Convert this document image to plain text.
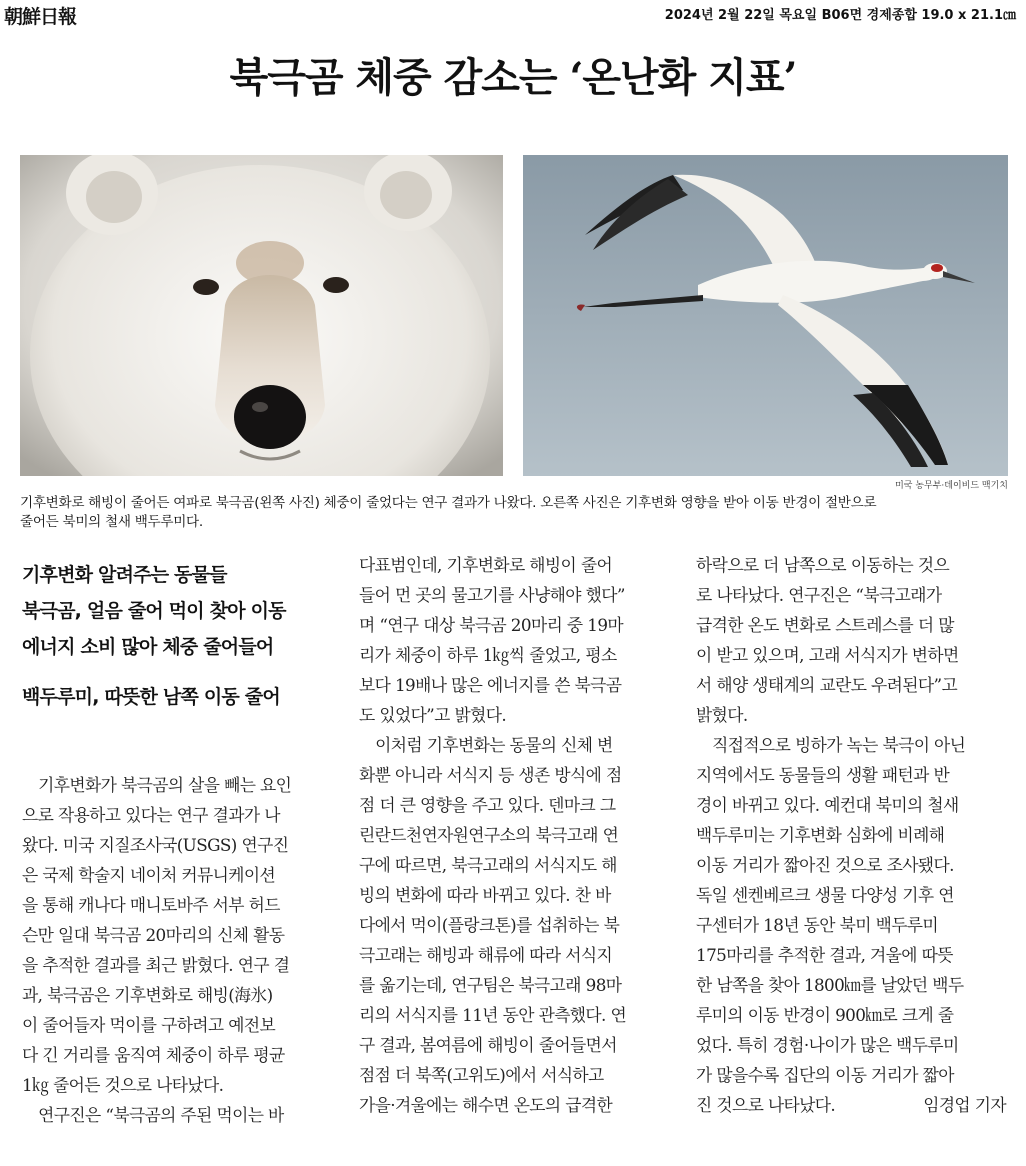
朝鮮日報	2024년 2월 22일 목요일 B06면 경제종합 19.0 x 21.1㎝
북극곰 체중 감소는 ‘온난화 지표’
미국 농무부·데이비드 맥기치
기후변화로 해빙이 줄어든 여파로 북극곰(왼쪽 사진) 체중이 줄었다는 연구 결과가 나왔다. 오른쪽 사진은 기후변화 영향을 받아 이동 반경이 절반으로
줄어든 북미의 철새 백두루미다.
기후변화 알려주는 동물들
북극곰, 얼음 줄어 먹이 찾아 이동
에너지 소비 많아 체중 줄어들어
백두루미, 따뜻한 남쪽 이동 줄어
　기후변화가 북극곰의 살을 빼는 요인
으로 작용하고 있다는 연구 결과가 나
왔다. 미국 지질조사국(USGS) 연구진
은 국제 학술지 네이처 커뮤니케이션
을 통해 캐나다 매니토바주 서부 허드
슨만 일대 북극곰 20마리의 신체 활동
을 추적한 결과를 최근 밝혔다. 연구 결
과, 북극곰은 기후변화로 해빙(海氷)
이 줄어들자 먹이를 구하려고 예전보
다 긴 거리를 움직여 체중이 하루 평균
1㎏ 줄어든 것으로 나타났다.
　연구진은 “북극곰의 주된 먹이는 바
다표범인데, 기후변화로 해빙이 줄어
들어 먼 곳의 물고기를 사냥해야 했다”
며 “연구 대상 북극곰 20마리 중 19마
리가 체중이 하루 1㎏씩 줄었고, 평소
보다 19배나 많은 에너지를 쓴 북극곰
도 있었다”고 밝혔다.
　이처럼 기후변화는 동물의 신체 변
화뿐 아니라 서식지 등 생존 방식에 점
점 더 큰 영향을 주고 있다. 덴마크 그
린란드천연자원연구소의 북극고래 연
구에 따르면, 북극고래의 서식지도 해
빙의 변화에 따라 바뀌고 있다. 찬 바
다에서 먹이(플랑크톤)를 섭취하는 북
극고래는 해빙과 해류에 따라 서식지
를 옮기는데, 연구팀은 북극고래 98마
리의 서식지를 11년 동안 관측했다. 연
구 결과, 봄여름에 해빙이 줄어들면서
점점 더 북쪽(고위도)에서 서식하고
가을·겨울에는 해수면 온도의 급격한
하락으로 더 남쪽으로 이동하는 것으
로 나타났다. 연구진은 “북극고래가
급격한 온도 변화로 스트레스를 더 많
이 받고 있으며, 고래 서식지가 변하면
서 해양 생태계의 교란도 우려된다”고
밝혔다.
　직접적으로 빙하가 녹는 북극이 아닌
지역에서도 동물들의 생활 패턴과 반
경이 바뀌고 있다. 예컨대 북미의 철새
백두루미는 기후변화 심화에 비례해
이동 거리가 짧아진 것으로 조사됐다.
독일 센켄베르크 생물 다양성 기후 연
구센터가 18년 동안 북미 백두루미
175마리를 추적한 결과, 겨울에 따뜻
한 남쪽을 찾아 1800㎞를 날았던 백두
루미의 이동 반경이 900㎞로 크게 줄
었다. 특히 경험·나이가 많은 백두루미
가 많을수록 집단의 이동 거리가 짧아
진 것으로 나타났다.	임경업 기자
